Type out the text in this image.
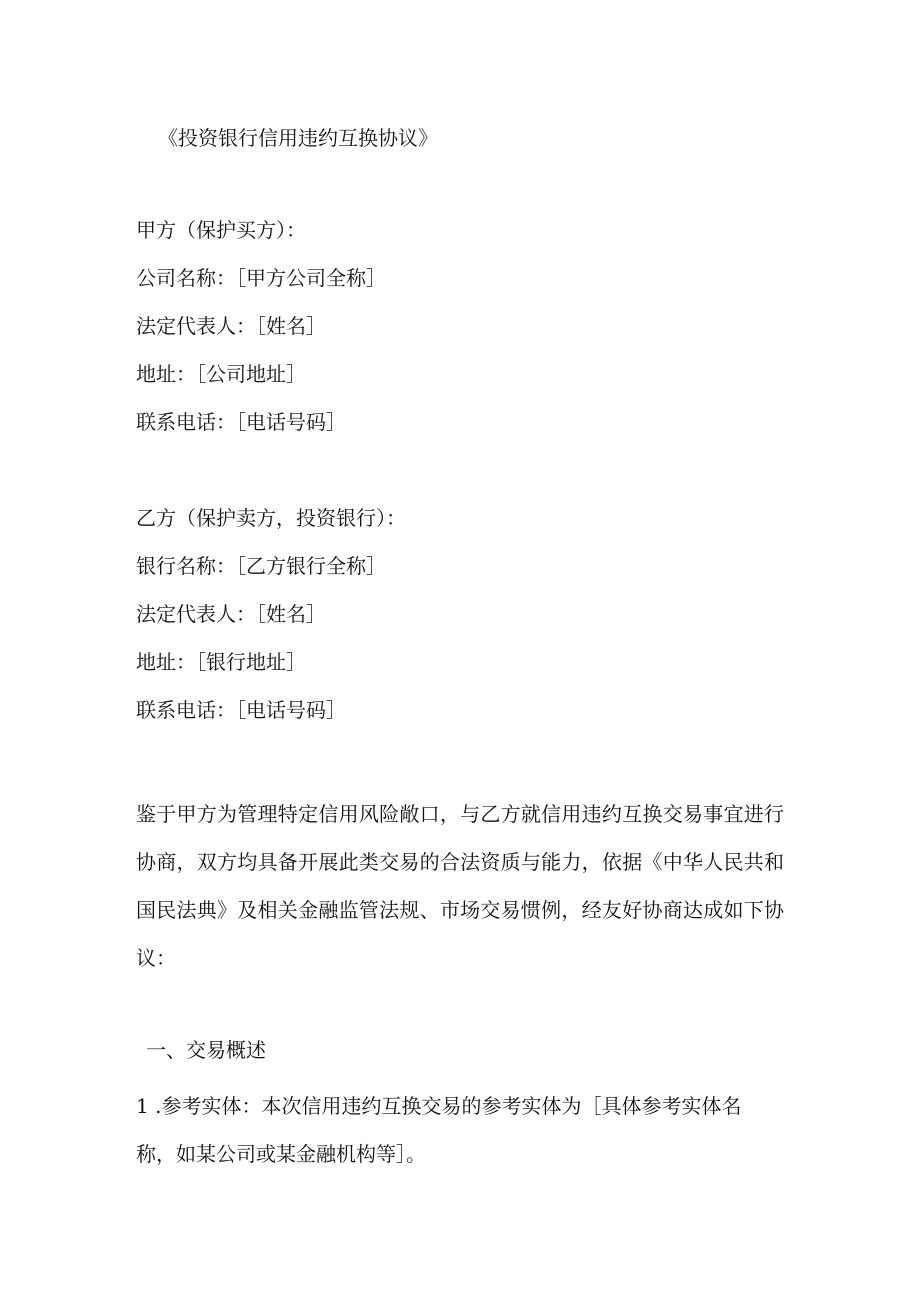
《投资银行信用违约互换协议》

甲方（保护买方）：

公司名称：［甲方公司全称］

法定代表人：［姓名］

地址：［公司地址］

联系电话：［电话号码］

乙方（保护卖方，投资银行）：

银行名称：［乙方银行全称］

法定代表人：［姓名］

地址：［银行地址］

联系电话：［电话号码］

鉴于甲方为管理特定信用风险敞口，与乙方就信用违约互换交易事宜进行协商，双方均具备开展此类交易的合法资质与能力，依据《中华人民共和国民法典》及相关金融监管法规、市场交易惯例，经友好协商达成如下协议：

一、交易概述

1 .参考实体：本次信用违约互换交易的参考实体为［具体参考实体名称，如某公司或某金融机构等］。
